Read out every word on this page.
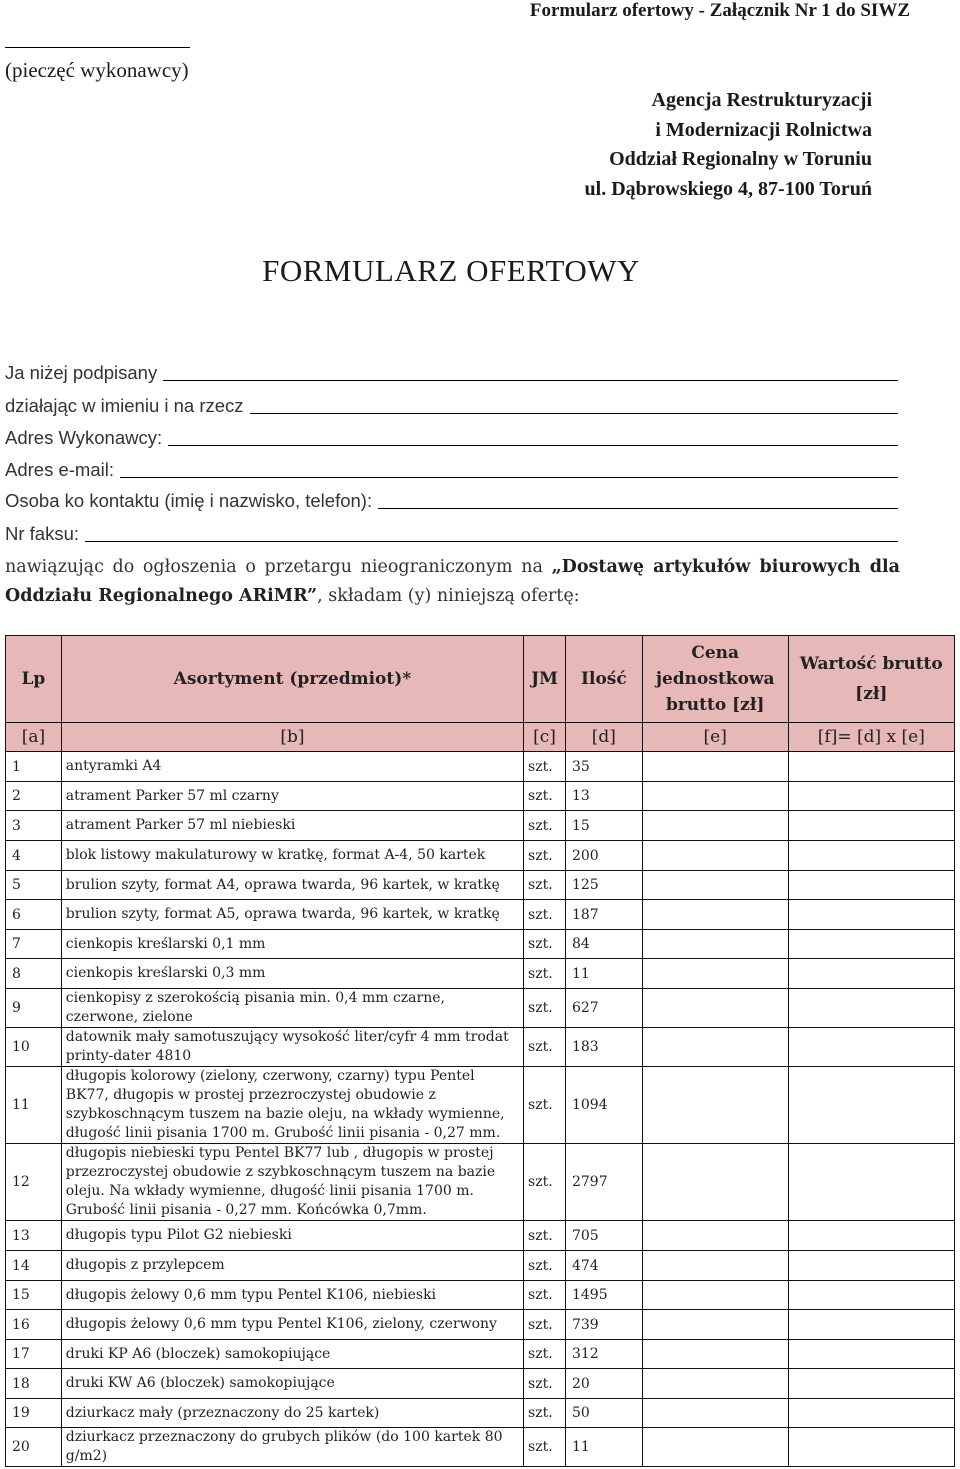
Formularz ofertowy - Załącznik Nr 1 do SIWZ
(pieczęć wykonawcy)
Agencja Restrukturyzacji
i Modernizacji Rolnictwa
Oddział Regionalny w Toruniu
ul. Dąbrowskiego 4, 87-100 Toruń
FORMULARZ OFERTOWY
Ja niżej podpisany
działając w imieniu i na rzecz
Adres Wykonawcy:
Adres e-mail:
Osoba ko kontaktu (imię i nazwisko, telefon):
Nr faksu:
nawiązując do ogłoszenia o przetargu nieograniczonym na „Dostawę artykułów biurowych dla Oddziału Regionalnego ARiMR”, składam (y) niniejszą ofertę:
Lp	Asortyment (przedmiot)*	JM	Ilość	Cena jednostkowa brutto [zł]	Wartość brutto [zł]
[a]	[b]	[c]	[d]	[e]	[f]= [d] x [e]
1	antyramki A4	szt.	35		
2	atrament Parker 57 ml czarny	szt.	13		
3	atrament Parker 57 ml niebieski	szt.	15		
4	blok listowy makulaturowy w kratkę, format A-4, 50 kartek	szt.	200		
5	brulion szyty, format A4, oprawa twarda, 96 kartek, w kratkę	szt.	125		
6	brulion szyty, format A5, oprawa twarda, 96 kartek, w kratkę	szt.	187		
7	cienkopis kreślarski 0,1 mm	szt.	84		
8	cienkopis kreślarski 0,3 mm	szt.	11		
9	cienkopisy z szerokością pisania min. 0,4 mm czarne, czerwone, zielone	szt.	627		
10	datownik mały samotuszujący wysokość liter/cyfr 4 mm trodat printy-dater 4810	szt.	183		
11	długopis kolorowy (zielony, czerwony, czarny) typu Pentel BK77, długopis w prostej przezroczystej obudowie z szybkoschnącym tuszem na bazie oleju, na wkłady wymienne, długość linii pisania 1700 m. Grubość linii pisania - 0,27 mm.	szt.	1094		
12	długopis niebieski typu Pentel BK77 lub , długopis w prostej przezroczystej obudowie z szybkoschnącym tuszem na bazie oleju. Na wkłady wymienne, długość linii pisania 1700 m. Grubość linii pisania - 0,27 mm. Końcówka 0,7mm.	szt.	2797		
13	długopis typu Pilot G2 niebieski	szt.	705		
14	długopis z przylepcem	szt.	474		
15	długopis żelowy 0,6 mm typu Pentel K106, niebieski	szt.	1495		
16	długopis żelowy 0,6 mm typu Pentel K106, zielony, czerwony	szt.	739		
17	druki KP A6 (bloczek) samokopiujące	szt.	312		
18	druki KW A6 (bloczek) samokopiujące	szt.	20		
19	dziurkacz mały (przeznaczony do 25 kartek)	szt.	50		
20	dziurkacz przeznaczony do grubych plików (do 100 kartek 80 g/m2)	szt.	11		
